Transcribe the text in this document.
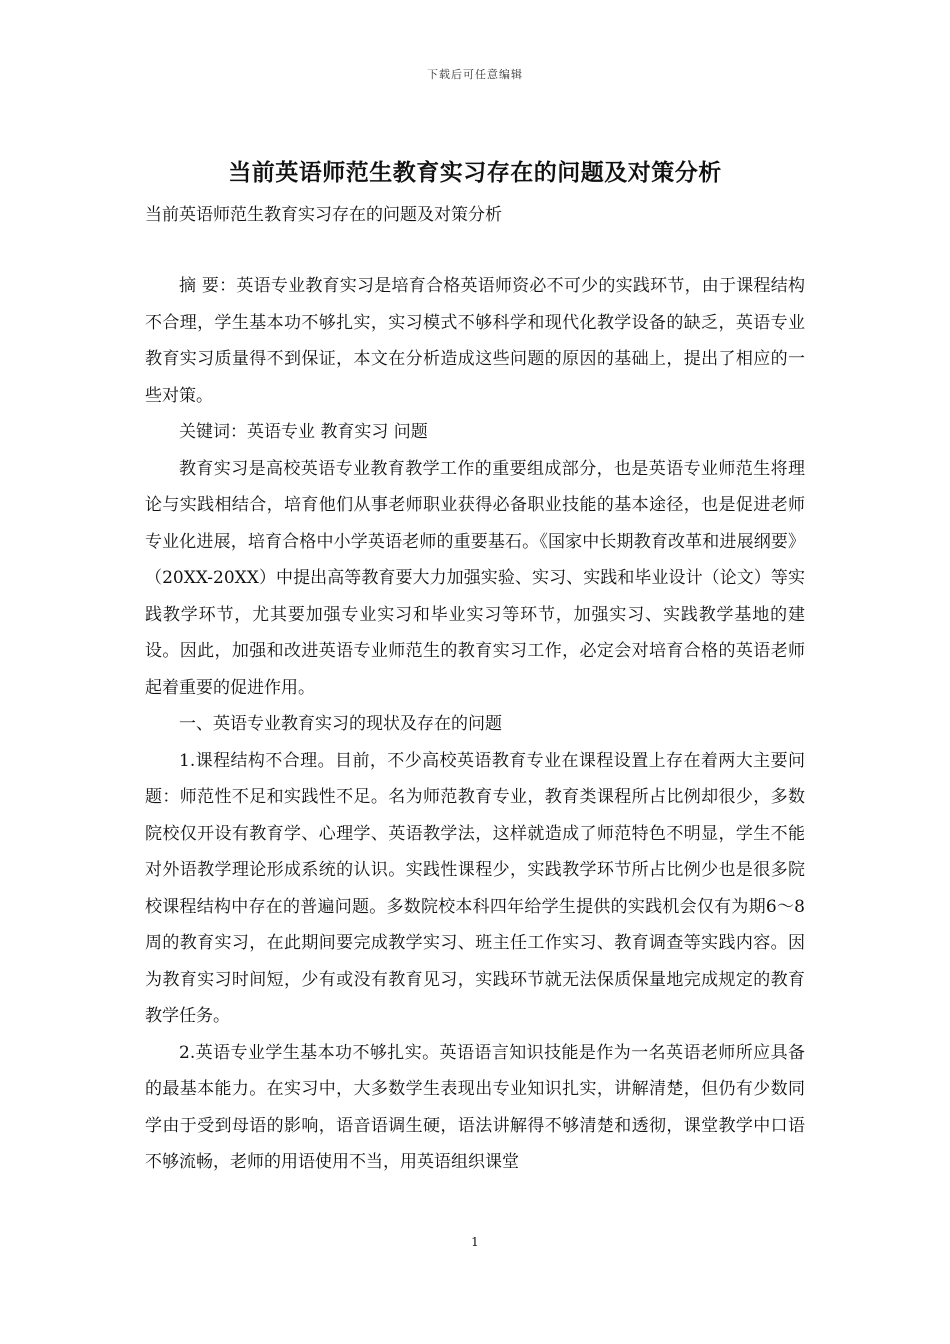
下载后可任意编辑
当前英语师范生教育实习存在的问题及对策分析
当前英语师范生教育实习存在的问题及对策分析

摘 要：英语专业教育实习是培育合格英语师资必不可少的实践环节，由于课程结构不合理，学生基本功不够扎实，实习模式不够科学和现代化教学设备的缺乏，英语专业教育实习质量得不到保证，本文在分析造成这些问题的原因的基础上，提出了相应的一些对策。

关键词：英语专业 教育实习 问题

教育实习是高校英语专业教育教学工作的重要组成部分，也是英语专业师范生将理论与实践相结合，培育他们从事老师职业获得必备职业技能的基本途径，也是促进老师专业化进展，培育合格中小学英语老师的重要基石。《国家中长期教育改革和进展纲要》（20XX-20XX）中提出高等教育要大力加强实验、实习、实践和毕业设计（论文）等实践教学环节，尤其要加强专业实习和毕业实习等环节，加强实习、实践教学基地的建设。因此，加强和改进英语专业师范生的教育实习工作，必定会对培育合格的英语老师起着重要的促进作用。

一、英语专业教育实习的现状及存在的问题

1.课程结构不合理。目前，不少高校英语教育专业在课程设置上存在着两大主要问题：师范性不足和实践性不足。名为师范教育专业，教育类课程所占比例却很少，多数院校仅开设有教育学、心理学、英语教学法，这样就造成了师范特色不明显，学生不能对外语教学理论形成系统的认识。实践性课程少，实践教学环节所占比例少也是很多院校课程结构中存在的普遍问题。多数院校本科四年给学生提供的实践机会仅有为期6～8周的教育实习，在此期间要完成教学实习、班主任工作实习、教育调查等实践内容。因为教育实习时间短，少有或没有教育见习，实践环节就无法保质保量地完成规定的教育教学任务。

2.英语专业学生基本功不够扎实。英语语言知识技能是作为一名英语老师所应具备的最基本能力。在实习中，大多数学生表现出专业知识扎实，讲解清楚，但仍有少数同学由于受到母语的影响，语音语调生硬，语法讲解得不够清楚和透彻，课堂教学中口语不够流畅，老师的用语使用不当，用英语组织课堂

1
